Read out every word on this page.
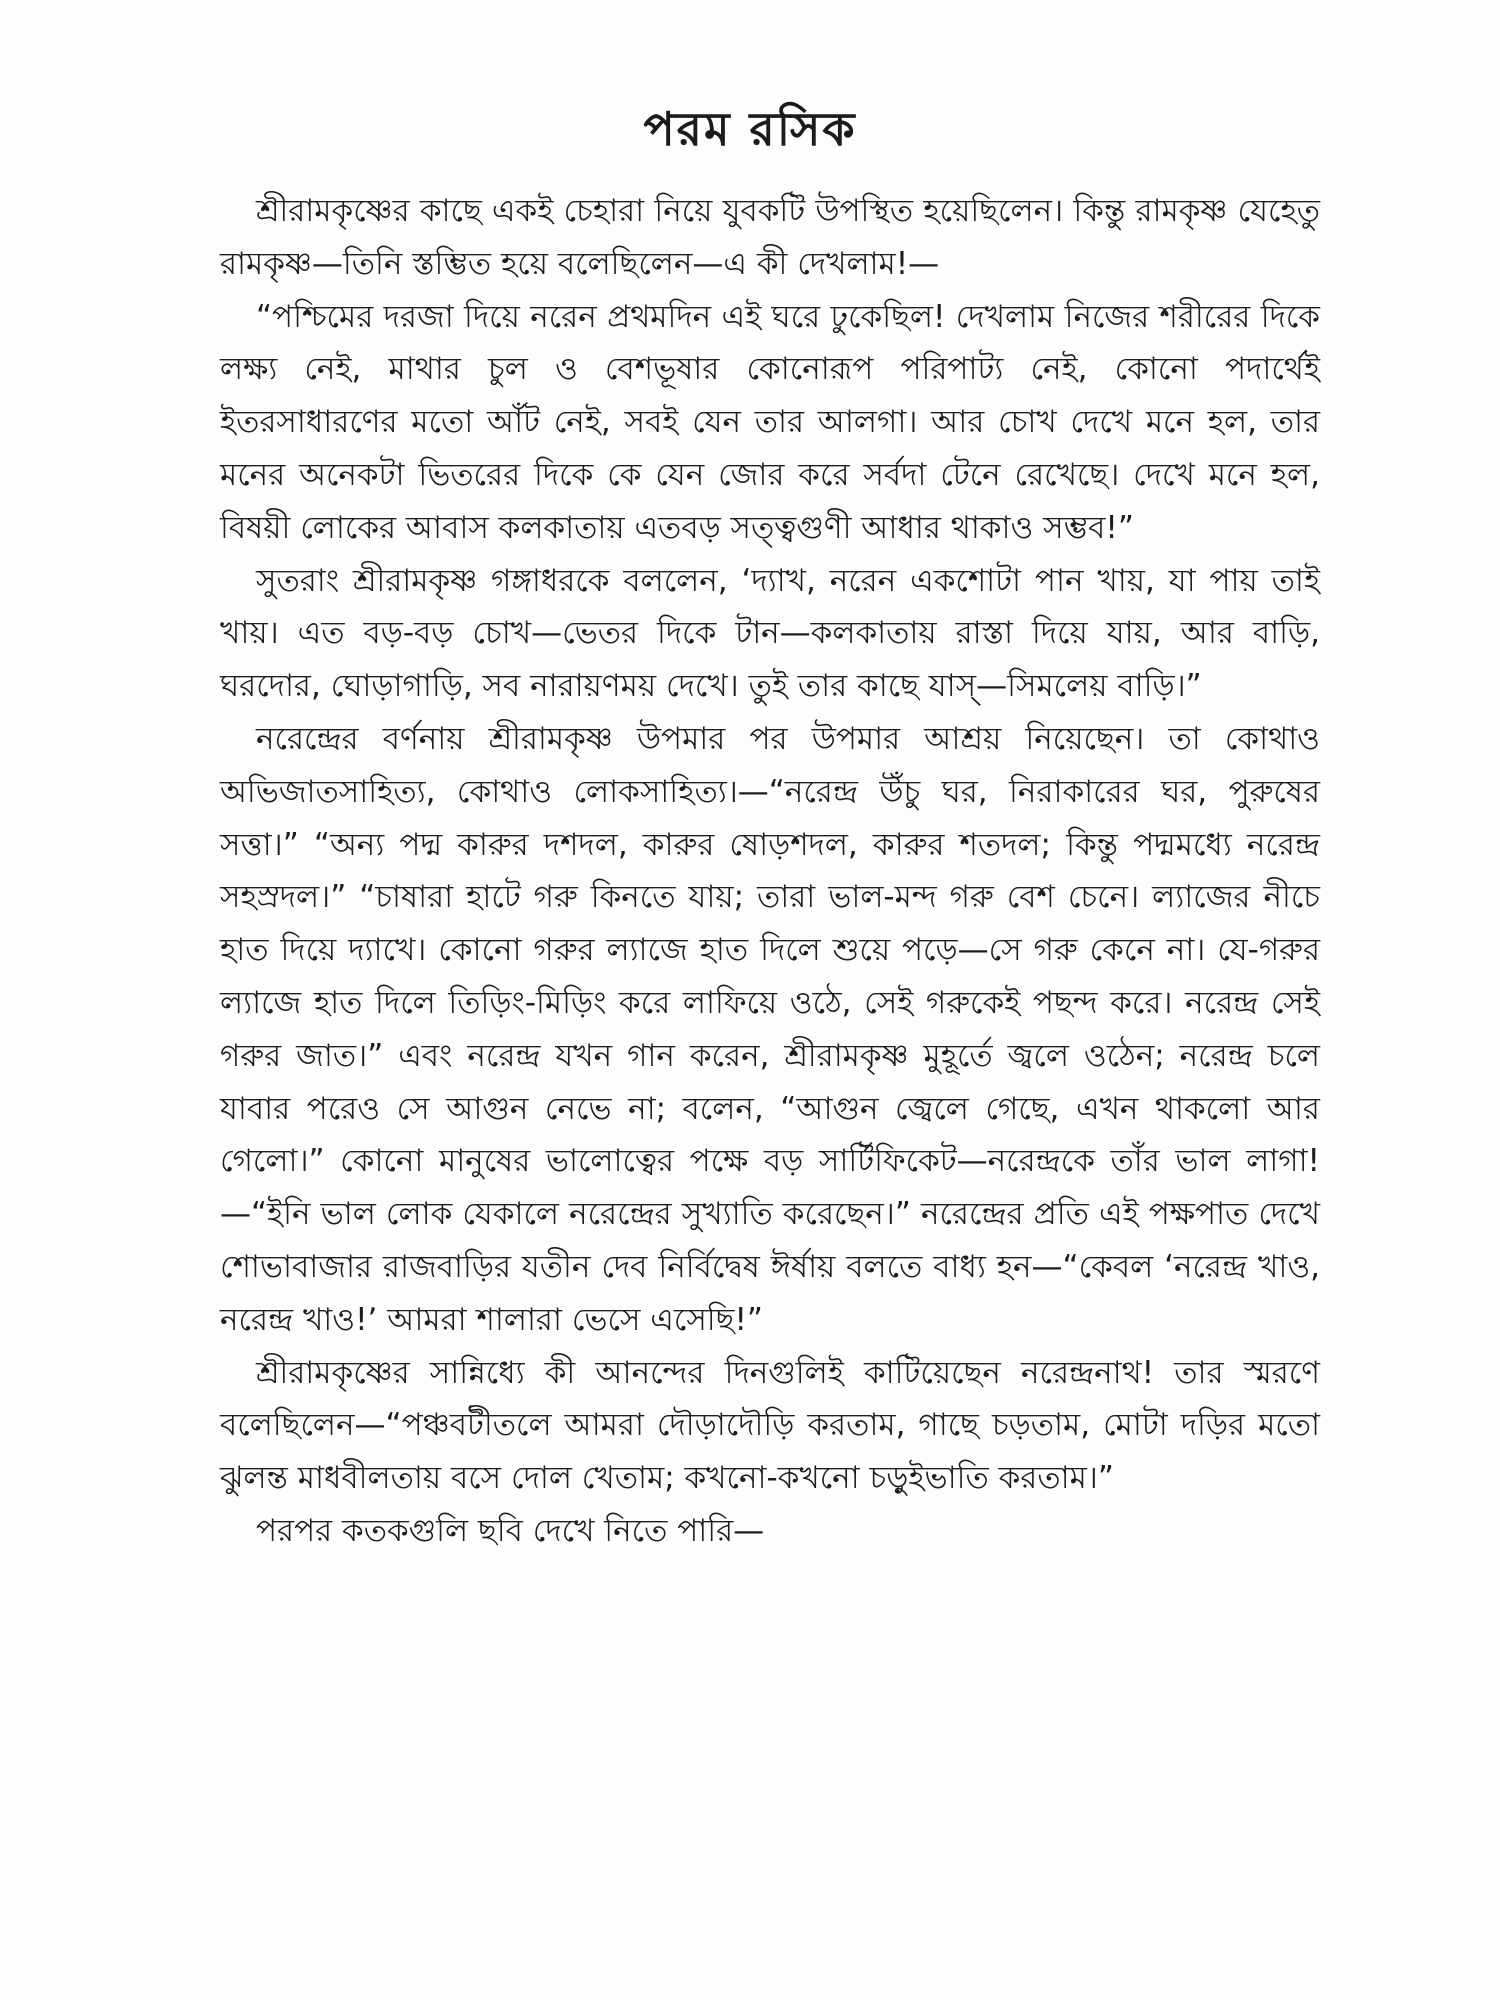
পরম রসিক

শ্রীরামকৃষ্ণের কাছে একই চেহারা নিয়ে যুবকটি উপস্থিত হয়েছিলেন। কিন্তু রামকৃষ্ণ যেহেতু রামকৃষ্ণ—তিনি স্তম্ভিত হয়ে বলেছিলেন—এ কী দেখলাম!—

“পশ্চিমের দরজা দিয়ে নরেন প্রথমদিন এই ঘরে ঢুকেছিল! দেখলাম নিজের শরীরের দিকে লক্ষ্য নেই, মাথার চুল ও বেশভূষার কোনোরূপ পরিপাট্য নেই, কোনো পদার্থেই ইতরসাধারণের মতো আঁট নেই, সবই যেন তার আলগা। আর চোখ দেখে মনে হল, তার মনের অনেকটা ভিতরের দিকে কে যেন জোর করে সর্বদা টেনে রেখেছে। দেখে মনে হল, বিষয়ী লোকের আবাস কলকাতায় এতবড় সত্ত্বগুণী আধার থাকাও সম্ভব!”

সুতরাং শ্রীরামকৃষ্ণ গঙ্গাধরকে বললেন, ‘দ্যাখ, নরেন একশোটা পান খায়, যা পায় তাই খায়। এত বড়-বড় চোখ—ভেতর দিকে টান—কলকাতায় রাস্তা দিয়ে যায়, আর বাড়ি, ঘরদোর, ঘোড়াগাড়ি, সব নারায়ণময় দেখে। তুই তার কাছে যাস্—সিমলেয় বাড়ি।”

নরেন্দ্রের বর্ণনায় শ্রীরামকৃষ্ণ উপমার পর উপমার আশ্রয় নিয়েছেন। তা কোথাও অভিজাতসাহিত্য, কোথাও লোকসাহিত্য।—“নরেন্দ্র উঁচু ঘর, নিরাকারের ঘর, পুরুষের সত্তা।” “অন্য পদ্ম কারুর দশদল, কারুর ষোড়শদল, কারুর শতদল; কিন্তু পদ্মমধ্যে নরেন্দ্র সহস্রদল।” “চাষারা হাটে গরু কিনতে যায়; তারা ভাল-মন্দ গরু বেশ চেনে। ল্যাজের নীচে হাত দিয়ে দ্যাখে। কোনো গরুর ল্যাজে হাত দিলে শুয়ে পড়ে—সে গরু কেনে না। যে-গরুর ল্যাজে হাত দিলে তিড়িং-মিড়িং করে লাফিয়ে ওঠে, সেই গরুকেই পছন্দ করে। নরেন্দ্র সেই গরুর জাত।” এবং নরেন্দ্র যখন গান করেন, শ্রীরামকৃষ্ণ মুহূর্তে জ্বলে ওঠেন; নরেন্দ্র চলে যাবার পরেও সে আগুন নেভে না; বলেন, “আগুন জ্বেলে গেছে, এখন থাকলো আর গেলো।” কোনো মানুষের ভালোত্বের পক্ষে বড় সার্টিফিকেট—নরেন্দ্রকে তাঁর ভাল লাগা!—“ইনি ভাল লোক যেকালে নরেন্দ্রের সুখ্যাতি করেছেন।” নরেন্দ্রের প্রতি এই পক্ষপাত দেখে শোভাবাজার রাজবাড়ির যতীন দেব নির্বিদ্বেষ ঈর্ষায় বলতে বাধ্য হন—“কেবল ‘নরেন্দ্র খাও, নরেন্দ্র খাও!’ আমরা শালারা ভেসে এসেছি!”

শ্রীরামকৃষ্ণের সান্নিধ্যে কী আনন্দের দিনগুলিই কাটিয়েছেন নরেন্দ্রনাথ! তার স্মরণে বলেছিলেন—“পঞ্চবটীতলে আমরা দৌড়াদৌড়ি করতাম, গাছে চড়তাম, মোটা দড়ির মতো ঝুলন্ত মাধবীলতায় বসে দোল খেতাম; কখনো-কখনো চড়ুইভাতি করতাম।”

পরপর কতকগুলি ছবি দেখে নিতে পারি—
